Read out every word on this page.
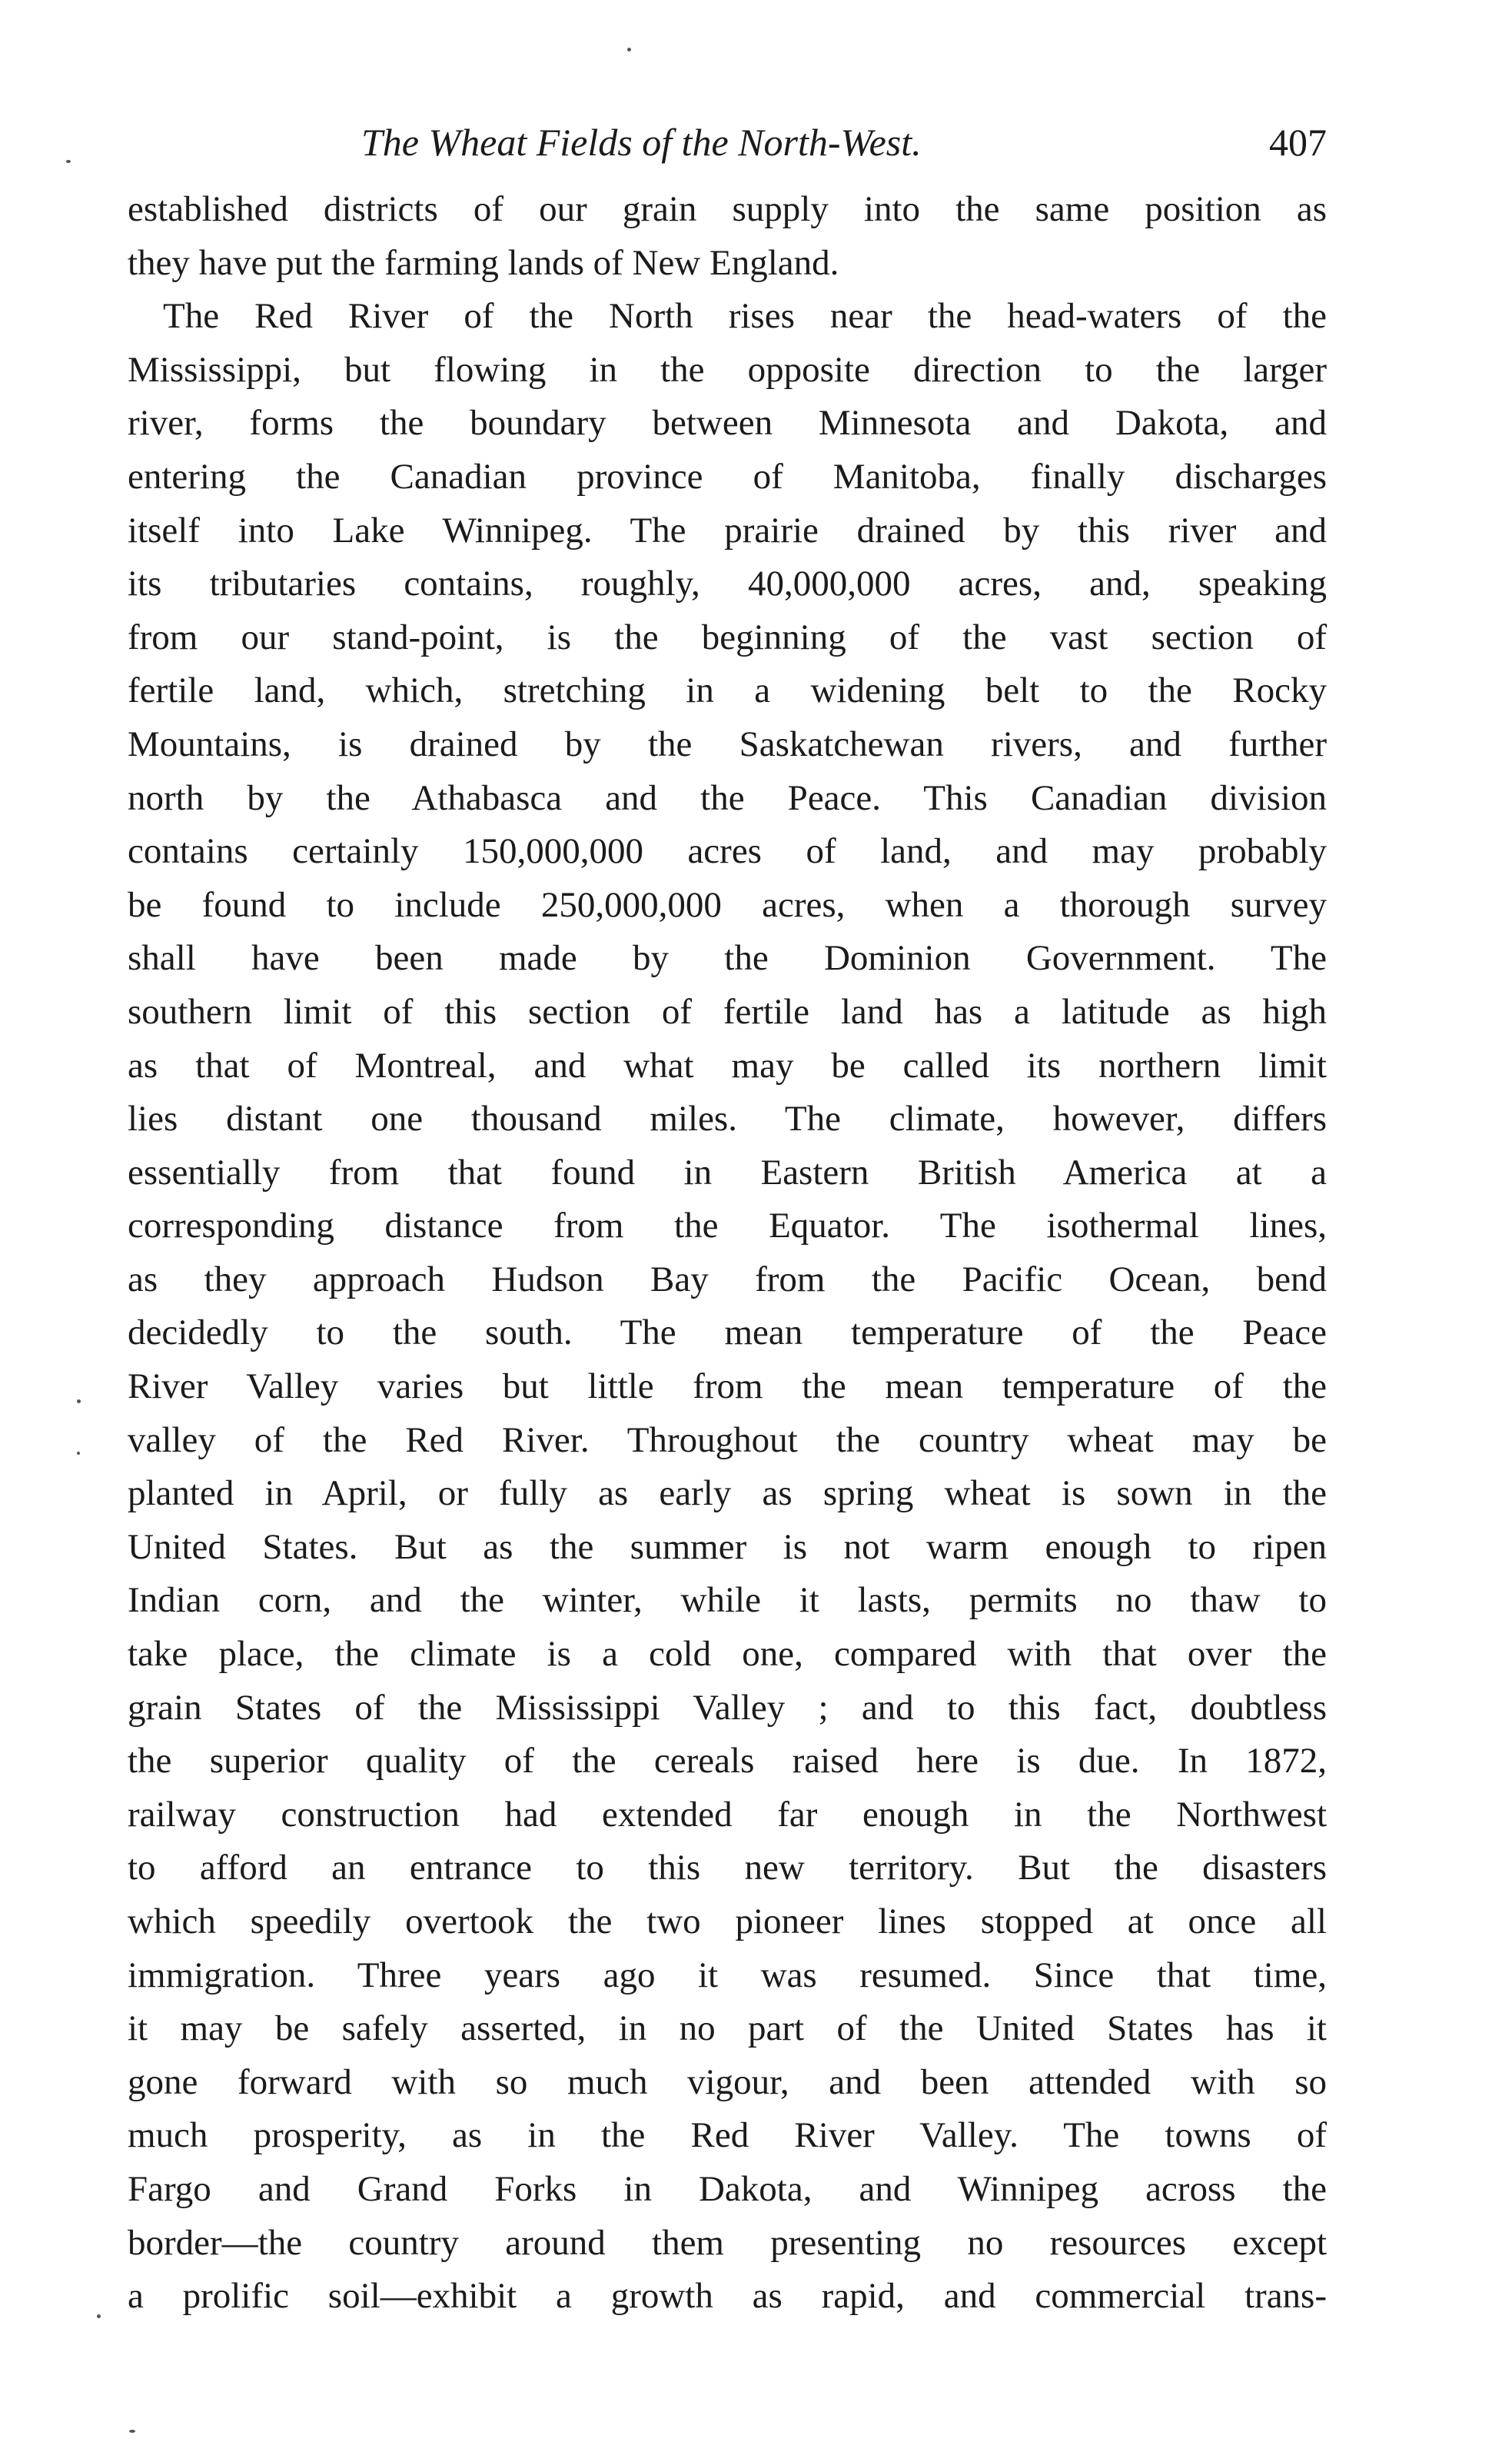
The Wheat Fields of the North-West.	407
established districts of our grain supply into the same position as
they have put the farming lands of New England.
The Red River of the North rises near the head-waters of the
Mississippi, but flowing in the opposite direction to the larger
river, forms the boundary between Minnesota and Dakota, and
entering the Canadian province of Manitoba, finally discharges
itself into Lake Winnipeg. The prairie drained by this river and
its tributaries contains, roughly, 40,000,000 acres, and, speaking
from our stand-point, is the beginning of the vast section of
fertile land, which, stretching in a widening belt to the Rocky
Mountains, is drained by the Saskatchewan rivers, and further
north by the Athabasca and the Peace. This Canadian division
contains certainly 150,000,000 acres of land, and may probably
be found to include 250,000,000 acres, when a thorough survey
shall have been made by the Dominion Government. The
southern limit of this section of fertile land has a latitude as high
as that of Montreal, and what may be called its northern limit
lies distant one thousand miles. The climate, however, differs
essentially from that found in Eastern British America at a
corresponding distance from the Equator. The isothermal lines,
as they approach Hudson Bay from the Pacific Ocean, bend
decidedly to the south. The mean temperature of the Peace
River Valley varies but little from the mean temperature of the
valley of the Red River. Throughout the country wheat may be
planted in April, or fully as early as spring wheat is sown in the
United States. But as the summer is not warm enough to ripen
Indian corn, and the winter, while it lasts, permits no thaw to
take place, the climate is a cold one, compared with that over the
grain States of the Mississippi Valley ; and to this fact, doubtless
the superior quality of the cereals raised here is due. In 1872,
railway construction had extended far enough in the Northwest
to afford an entrance to this new territory. But the disasters
which speedily overtook the two pioneer lines stopped at once all
immigration. Three years ago it was resumed. Since that time,
it may be safely asserted, in no part of the United States has it
gone forward with so much vigour, and been attended with so
much prosperity, as in the Red River Valley. The towns of
Fargo and Grand Forks in Dakota, and Winnipeg across the
border—the country around them presenting no resources except
a prolific soil—exhibit a growth as rapid, and commercial trans-
